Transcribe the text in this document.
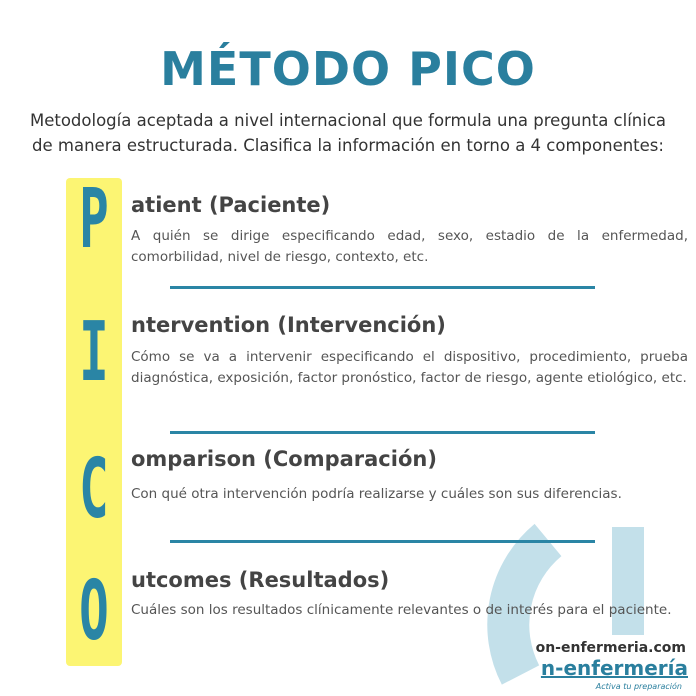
MÉTODO PICO
Metodología aceptada a nivel internacional que formula una pregunta clínica de manera estructurada. Clasifica la información en torno a 4 componentes:
P
I
C
O
atient (Paciente)
A quién se dirige especificando edad, sexo, estadio de la enfermedad, comorbilidad, nivel de riesgo, contexto, etc.
ntervention (Intervención)
Cómo se va a intervenir especificando el dispositivo, procedimiento, prueba diagnóstica, exposición, factor pronóstico, factor de riesgo, agente etiológico, etc.
omparison (Comparación)
Con qué otra intervención podría realizarse y cuáles son sus diferencias.
utcomes (Resultados)
Cuáles son los resultados clínicamente relevantes o de interés para el paciente.
on-enfermeria.com
n-enfermería
Activa tu preparación
